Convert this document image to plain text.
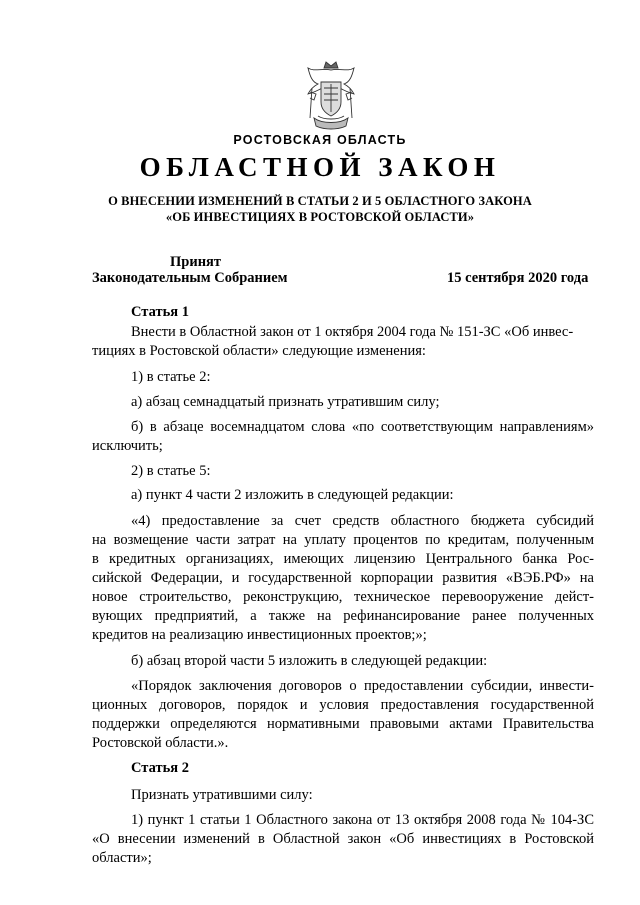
РОСТОВСКАЯ ОБЛАСТЬ
ОБЛАСТНОЙ ЗАКОН
О ВНЕСЕНИИ ИЗМЕНЕНИЙ В СТАТЬИ 2 И 5 ОБЛАСТНОГО ЗАКОНА
«ОБ ИНВЕСТИЦИЯХ В РОСТОВСКОЙ ОБЛАСТИ»
Принят
Законодательным Собранием	15 сентября 2020 года
Статья 1
Внести в Областной закон от 1 октября 2004 года № 151-ЗС «Об инвес-
тициях в Ростовской области» следующие изменения:
1) в статье 2:
а) абзац семнадцатый признать утратившим силу;
б) в абзаце восемнадцатом слова «по соответствующим направлениям»
исключить;
2) в статье 5:
а) пункт 4 части 2 изложить в следующей редакции:
«4) предоставление за счет средств областного бюджета субсидий
на возмещение части затрат на уплату процентов по кредитам, полученным
в кредитных организациях, имеющих лицензию Центрального банка Рос-
сийской Федерации, и государственной корпорации развития «ВЭБ.РФ» на
новое строительство, реконструкцию, техническое перевооружение дейст-
вующих предприятий, а также на рефинансирование ранее полученных
кредитов на реализацию инвестиционных проектов;»;
б) абзац второй части 5 изложить в следующей редакции:
«Порядок заключения договоров о предоставлении субсидии, инвести-
ционных договоров, порядок и условия предоставления государственной
поддержки определяются нормативными правовыми актами Правительства
Ростовской области.».
Статья 2
Признать утратившими силу:
1) пункт 1 статьи 1 Областного закона от 13 октября 2008 года № 104-ЗС
«О внесении изменений в Областной закон «Об инвестициях в Ростовской
области»;
